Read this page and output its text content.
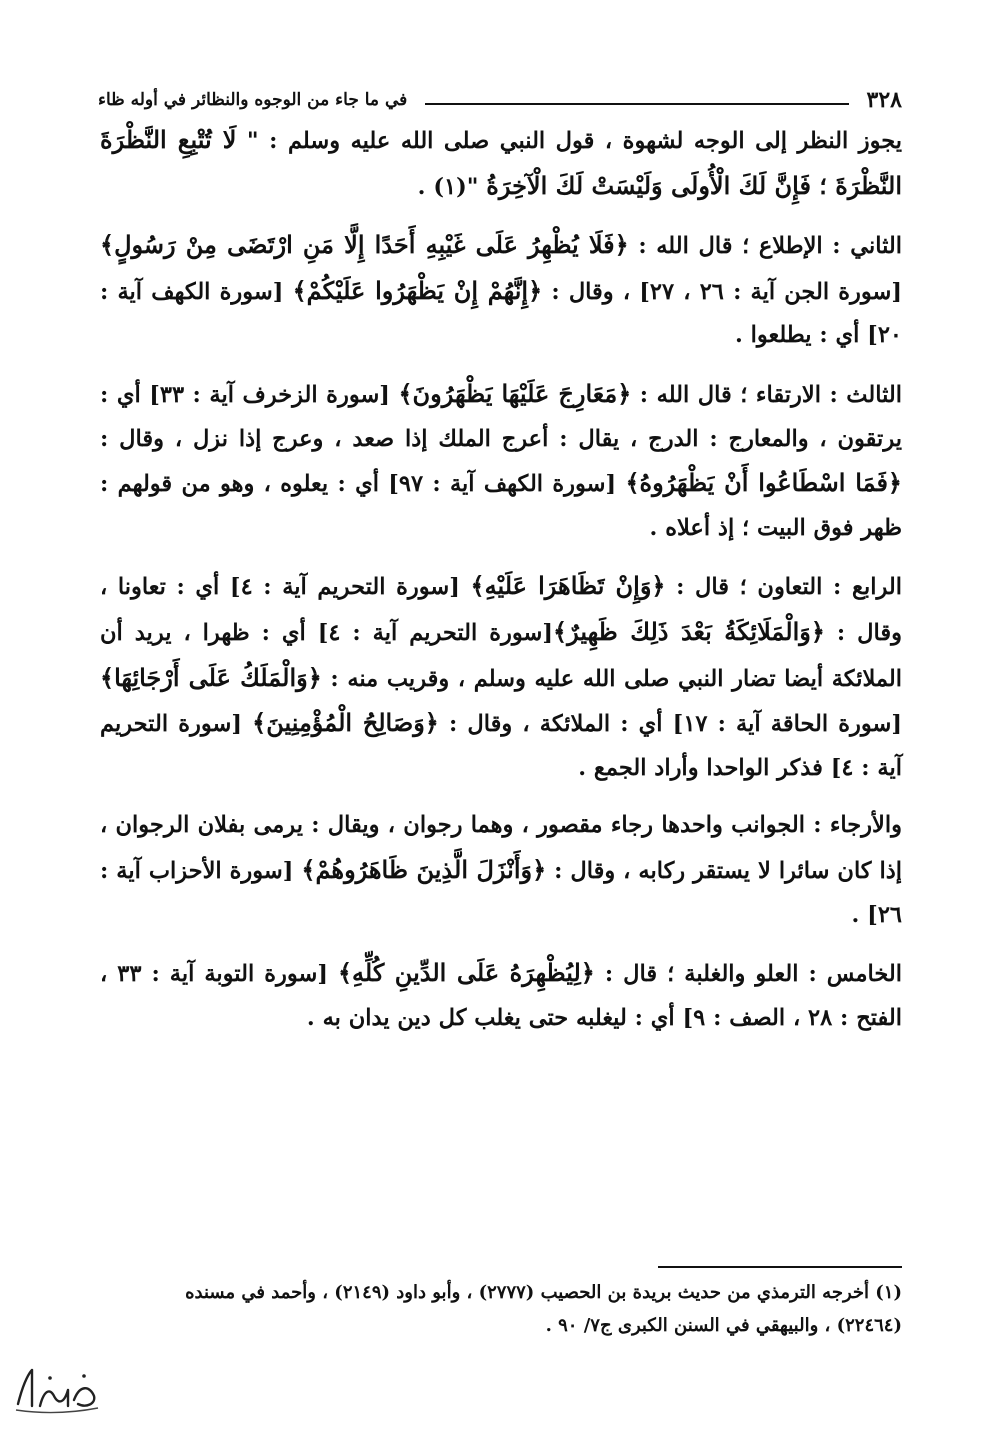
٣٢٨
في ما جاء من الوجوه والنظائر في أوله ظاء

يجوز النظر إلى الوجه لشهوة ، قول النبي صلى الله عليه وسلم : " لَا تُتْبِعِ النَّظْرَةَ النَّظْرَةَ ؛ فَإِنَّ لَكَ الْأُولَى وَلَيْسَتْ لَكَ الْآخِرَةُ "(١) .

الثاني : الإطلاع ؛ قال الله : ﴿فَلَا يُظْهِرُ عَلَى غَيْبِهِ أَحَدًا إِلَّا مَنِ ارْتَضَى مِنْ رَسُولٍ﴾ [سورة الجن آية : ٢٦ ، ٢٧] ، وقال : ﴿إِنَّهُمْ إِنْ يَظْهَرُوا عَلَيْكُمْ﴾ [سورة الكهف آية : ٢٠] أي : يطلعوا .

الثالث : الارتقاء ؛ قال الله : ﴿مَعَارِجَ عَلَيْهَا يَظْهَرُونَ﴾ [سورة الزخرف آية : ٣٣] أي : يرتقون ، والمعارج : الدرج ، يقال : أعرج الملك إذا صعد ، وعرج إذا نزل ، وقال : ﴿فَمَا اسْطَاعُوا أَنْ يَظْهَرُوهُ﴾ [سورة الكهف آية : ٩٧] أي : يعلوه ، وهو من قولهم : ظهر فوق البيت ؛ إذ أعلاه .

الرابع : التعاون ؛ قال : ﴿وَإِنْ تَظَاهَرَا عَلَيْهِ﴾ [سورة التحريم آية : ٤] أي : تعاونا ، وقال : ﴿وَالْمَلَائِكَةُ بَعْدَ ذَلِكَ ظَهِيرٌ﴾[سورة التحريم آية : ٤] أي : ظهرا ، يريد أن الملائكة أيضا تضار النبي صلى الله عليه وسلم ، وقريب منه : ﴿وَالْمَلَكُ عَلَى أَرْجَائِهَا﴾ [سورة الحاقة آية : ١٧] أي : الملائكة ، وقال : ﴿وَصَالِحُ الْمُؤْمِنِينَ﴾ [سورة التحريم آية : ٤] فذكر الواحدا وأراد الجمع .

والأرجاء : الجوانب واحدها رجاء مقصور ، وهما رجوان ، ويقال : يرمى بفلان الرجوان ، إذا كان سائرا لا يستقر ركابه ، وقال : ﴿وَأَنْزَلَ الَّذِينَ ظَاهَرُوهُمْ﴾ [سورة الأحزاب آية : ٢٦] .

الخامس : العلو والغلبة ؛ قال : ﴿لِيُظْهِرَهُ عَلَى الدِّينِ كُلِّهِ﴾ [سورة التوبة آية : ٣٣ ، الفتح : ٢٨ ، الصف : ٩] أي : ليغلبه حتى يغلب كل دين يدان به .

(١) أخرجه الترمذي من حديث بريدة بن الحصيب (٢٧٧٧) ، وأبو داود (٢١٤٩) ، وأحمد في مسنده

(٢٢٤٦٤) ، والبيهقي في السنن الكبرى ج٧/ ٩٠ .
